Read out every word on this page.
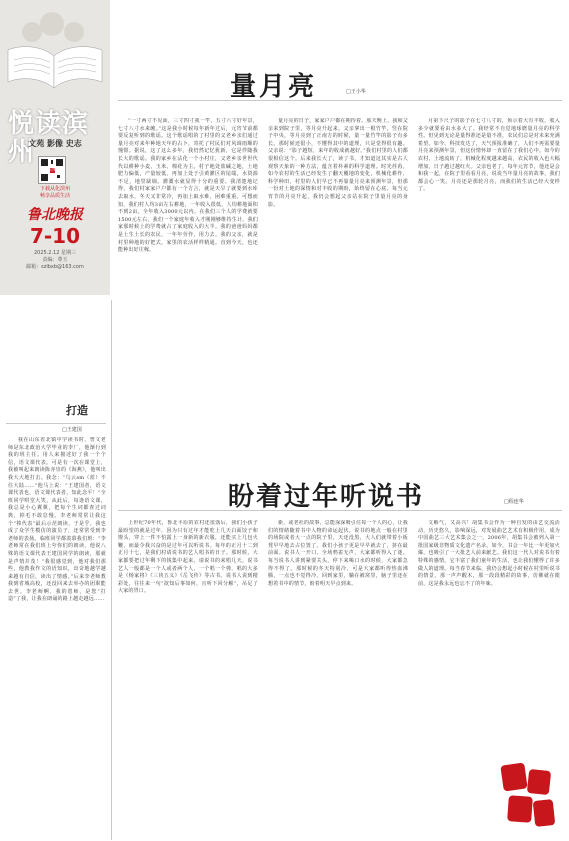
悦读滨州
文苑 影像 史志
滨州
下载从化滨州
畅享品质生活
鲁北晚报
7-10
2025.2.12 星期三
责编：尊玉
邮箱：szlbxb@163.com
打造
□王建国

我在山东省北镇中学读书时，曾文老师是东北政治大学毕业的李厂，他渐行到我的班主任。用人来描述好了我一个个信，语文课代表。可是有一次在课堂上，我被叫起来朗读陈亦崇的《海燕》，他叫出我大大地打击。我念：“乌云sm（蓝）不住大陆……”他马上说：“王建国者，语文课代表也，语文课代表者，知此念平！”全班同学哄堂大笑。从此后，每逢语文课，我总是小心翼翼，把每个生词都查过词典，掉毛不敢怠慢。李老师常常让我这个“捧代表”最后示范朗读，于是乎，我也成了众学生模仿的演员子，还常常受到李老师的表扬。临班同学都羡慕我们班：“李老师常在我们班上夸你们的朗读，他说八殊的语文课代表王建国同学的朗读，那就是声情并茂！”我很感觉到，他对我们那些，他教我作文的语知识，出奇地越学越来越有自信，读出了情感。”后来李老师教我到省城高校，还没回来去举办的团职能去世。李老师啊，我的恩师，是您“打造”了我，让我在朗诵的路上越走越远……

量月亮	□王小华

“一寸两寸不见面，三寸四寸我一竿，五寸六寸好年景，七寸八寸水来缠。”这是我小时候每年新年过后，元宵节前都要反复听到的歌谣。这个歌谣唱的了村里的父老乡亲们通过量月亮对来年种地天年的占卜，寄托了村民们对风调雨顺的憧憬。据说，这了这么多年，我仍然记忆犹新，它是伴随我长大的歌谣。我的家乡在沾化一个小村庄，父老乡亲世世代代以耕种小麦、玉米、棉花为主。村子地处盐碱之地，土地肥力偏低，产量较低。再加上处于引黄灌区的尾端，水资源不足，地里缺墒。灌溉水就显得十分的重要。我清楚地记得，我们村家家户户都有一个方言，就是天旱了就要到水库去取水，冬天又非常冷，再加上取水难，困难重重。可想而知，我们村人均3亩左右耕地，一年收入很低，人均耕地面积不到2亩。全年收入3000元以内。在我们三个人的学费就要1500元左右，我们一个家庭年收入才刚刚够维持生计。我们家那时候上的学费就占了家庭收入的大半。我的爸爸妈妈都是土生土长的农民，一年年劳作，用力去。我的父亲，就是村里种地的好把式，家里的农活样样精通。直到今天，也还能种出好庄稼。

量月亮的日子，家家户户都在期待着。那天晚上，我和父亲来到院子里，等月亮升起来。父亲拿出一根竹竿，竖在院子中央，等月亮到了正南方的时候，量一量竹竿的影子有多长。那时候还很小，不懂得其中的道理，只是觉得很有趣。父亲说：“影子越短，来年的收成就越好。”我们村里的人们都很相信这个。后来我长大了，读了书，才知道这其实是古人观察天象的一种方法，蕴含着朴素的科学道理。时光荏苒，如今农村的生活已经发生了翻天覆地的变化，机械化耕作、科学种田，村里的人们早已不再靠量月亮来预测年景，但那一份对土地的深情和对丰收的期盼，始终留在心底。每当元宵节的月亮升起，我仍会想起父亲站在院子里量月亮的身影。

月第下尺子的影子在七寸八寸的，预示着大有丰收，收入多少就要看由水多大了。我经常不自觉地琢磨量月亮的科学性。但见到无论是量得准还是量不准，农民们总是对未来充满希望。如今，科技发达了，天气预报准确了，人们不再需要量月亮来预测年景，但这份情怀却一直留在了我们心中。如今的农村，土地流转了，机械化程度越来越高，农民的收入也大幅增加，日子越过越红火。父亲也老了，每年元宵节，他还是会和我一起，在院子里看看月亮，说说当年量月亮的故事，我们都会心一笑。月亮还是那轮月亮，而我们的生活已经大变样了。

盼着过年听说书	□程连华

上世纪70年代，鲁北平原的农村还很落后，我们小孩子最盼望的就是过年，因为只有过年才能吃上几天白面饺子和馒头，穿上一件不怕露上一身新的新衣服，还能买上几包火鞭，而最令我兴奋的是过年可以听说书。每年的正月十二到正月十七，是我们村请说书的艺人唱书的日子。那时候，大家都要把过年剩下的钱集中起来，请说书的来唱几天。说书艺人一般都是一个人或者两个人，一个唱一个弹，唱的大多是《杨家将》《三侠五义》《岳飞传》等古书。说书人说到精彩处，往往来一句“欲知后事如何，且听下回分解”，吊足了大家的胃口。

新，或老社的故事，总能深深吸引住每一个人的心，让我们的情绪随着书中人物的命运起伏。说书的地点一般在村里的场院或者大一点的院子里，天还没黑，大人们就带着小板凳早早地去占位置了。我们小孩子更是早早就去了，挤在最前面。说书人一开口，全场鸦雀无声，大家都听得入了迷。每当说书人讲到紧要关头，停下来喝口水的时候，大家都急得不得了。那时候的冬天特别冷，可是大家都听得热血沸腾，一点也不觉得冷。回到家里，躺在被窝里，脑子里还在想着书中的情节，盼着明天早点到来。

文解气，又高兴！胡集书会作为一种自发的由艺交流活动，历史悠久，影响深远，对发展曲艺艺术有积极作用，成为中国曲艺三大艺术集会之一。2006年，胡集书会被列入第一批国家级非物质文化遗产名录。如今，书会一年比一年更加火爆，也吸引了一大批艺人前来献艺。我们这一代人对说书有着特殊的感情，它丰富了我们童年的生活，也让我们懂得了许多做人的道理。每当春节来临，我仍会想起小时候在村里听说书的情景，那一声声醒木，那一段段精彩的故事，仿佛就在眼前，这是我永远也忘不了的年味。
